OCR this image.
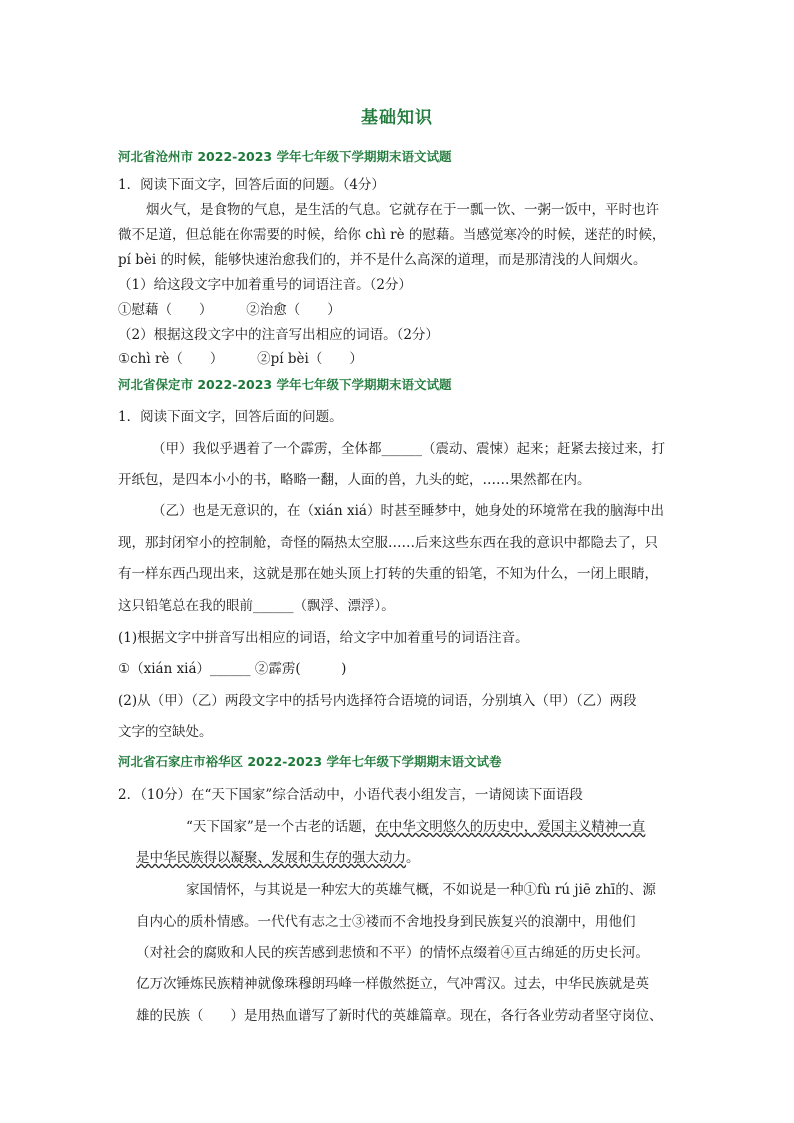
基础知识
河北省沧州市 2022-2023 学年七年级下学期期末语文试题
1．阅读下面文字，回答后面的问题。（4分）
烟火气，是食物的气息，是生活的气息。它就存在于一瓢一饮、一粥一饭中，平时也许
微不足道，但总能在你需要的时候，给你 chì rè 的慰藉。当感觉寒冷的时候，迷茫的时候，
pí bèi 的时候，能够快速治愈我们的，并不是什么高深的道理，而是那清浅的人间烟火。
（1）给这段文字中加着重号的词语注音。（2分）
①慰藉（　　）　　　②治愈（　　）
（2）根据这段文字中的注音写出相应的词语。（2分）
①chì rè（　　）　　　②pí bèi（　　）
河北省保定市 2022-2023 学年七年级下学期期末语文试题
1．阅读下面文字，回答后面的问题。
（甲）我似乎遇着了一个霹雳，全体都______（震动、震悚）起来；赶紧去接过来，打
开纸包，是四本小小的书，略略一翻，人面的兽，九头的蛇，……果然都在内。
（乙）也是无意识的，在（xián xiá）时甚至睡梦中，她身处的环境常在我的脑海中出
现，那封闭窄小的控制舱，奇怪的隔热太空服……后来这些东西在我的意识中都隐去了，只
有一样东西凸现出来，这就是那在她头顶上打转的失重的铅笔，不知为什么，一闭上眼睛，
这只铅笔总在我的眼前______（飘浮、漂浮）。
(1)根据文字中拼音写出相应的词语，给文字中加着重号的词语注音。
①（xián xiá）______ ②霹雳(　　　)
(2)从（甲）（乙）两段文字中的括号内选择符合语境的词语，分别填入（甲）（乙）两段
文字的空缺处。
河北省石家庄市裕华区 2022-2023 学年七年级下学期期末语文试卷
2．（10分）在“天下国家”综合活动中，小语代表小组发言，一请阅读下面语段
“天下国家”是一个古老的话题，在中华文明悠久的历史中，爱国主义精神一直
是中华民族得以凝聚、发展和生存的强大动力。
家国情怀，与其说是一种宏大的英雄气概，不如说是一种①fù rú jiē zhī的、源
自内心的质朴情感。一代代有志之士③褛而不舍地投身到民族复兴的浪潮中，用他们
（对社会的腐败和人民的疾苦感到悲愤和不平）的情怀点缀着④亘古绵延的历史长河。
亿万次锤炼民族精神就像珠穆朗玛峰一样傲然挺立，气冲霄汉。过去，中华民族就是英
雄的民族（　　）是用热血谱写了新时代的英雄篇章。现在，各行各业劳动者坚守岗位、
